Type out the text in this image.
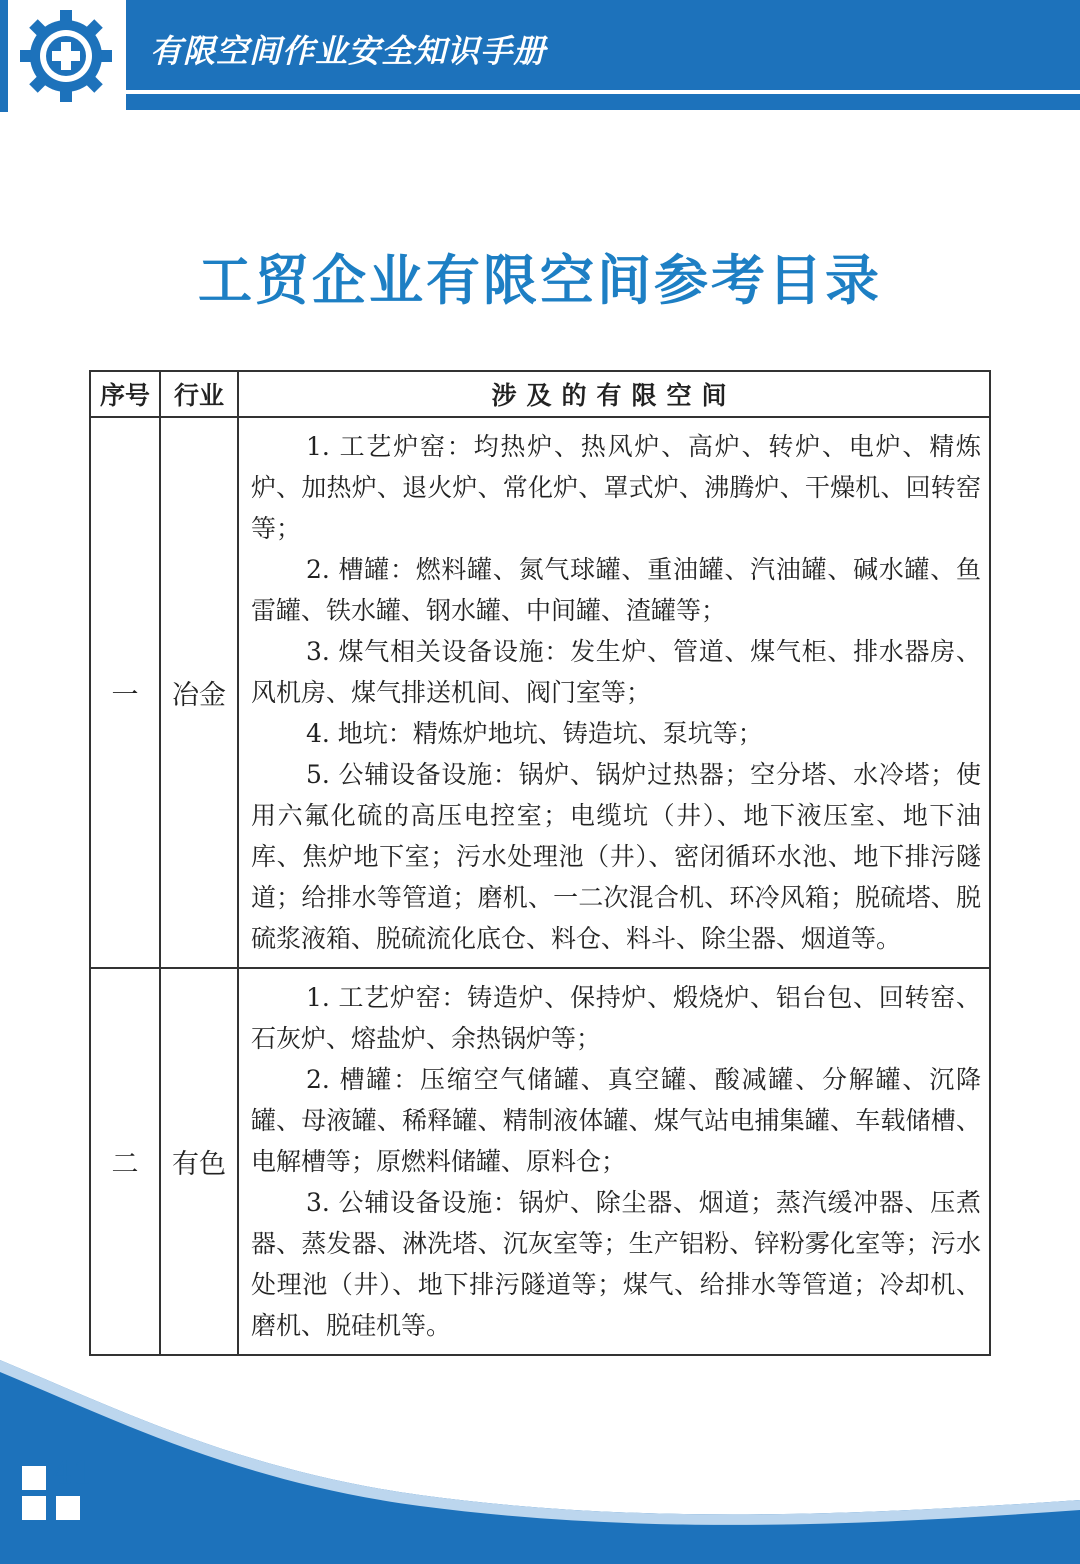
有限空间作业安全知识手册
工贸企业有限空间参考目录
序号	行业	涉及的有限空间
一	冶金	1. 工艺炉窑：均热炉、热风炉、高炉、转炉、电炉、精炼炉、加热炉、退火炉、常化炉、罩式炉、沸腾炉、干燥机、回转窑等；

2. 槽罐：燃料罐、氮气球罐、重油罐、汽油罐、碱水罐、鱼雷罐、铁水罐、钢水罐、中间罐、渣罐等；

3. 煤气相关设备设施：发生炉、管道、煤气柜、排水器房、风机房、煤气排送机间、阀门室等；

4. 地坑：精炼炉地坑、铸造坑、泵坑等；

5. 公辅设备设施：锅炉、锅炉过热器；空分塔、水冷塔；使用六氟化硫的高压电控室；电缆坑（井）、地下液压室、地下油库、焦炉地下室；污水处理池（井）、密闭循环水池、地下排污隧道；给排水等管道；磨机、一二次混合机、环冷风箱；脱硫塔、脱硫浆液箱、脱硫流化底仓、料仓、料斗、除尘器、烟道等。

二	有色	1. 工艺炉窑：铸造炉、保持炉、煅烧炉、铝台包、回转窑、石灰炉、熔盐炉、余热锅炉等；

2. 槽罐：压缩空气储罐、真空罐、酸减罐、分解罐、沉降罐、母液罐、稀释罐、精制液体罐、煤气站电捕集罐、车载储槽、电解槽等；原燃料储罐、原料仓；

3. 公辅设备设施：锅炉、除尘器、烟道；蒸汽缓冲器、压煮器、蒸发器、淋洗塔、沉灰室等；生产铝粉、锌粉雾化室等；污水处理池（井）、地下排污隧道等；煤气、给排水等管道；冷却机、磨机、脱硅机等。

41
